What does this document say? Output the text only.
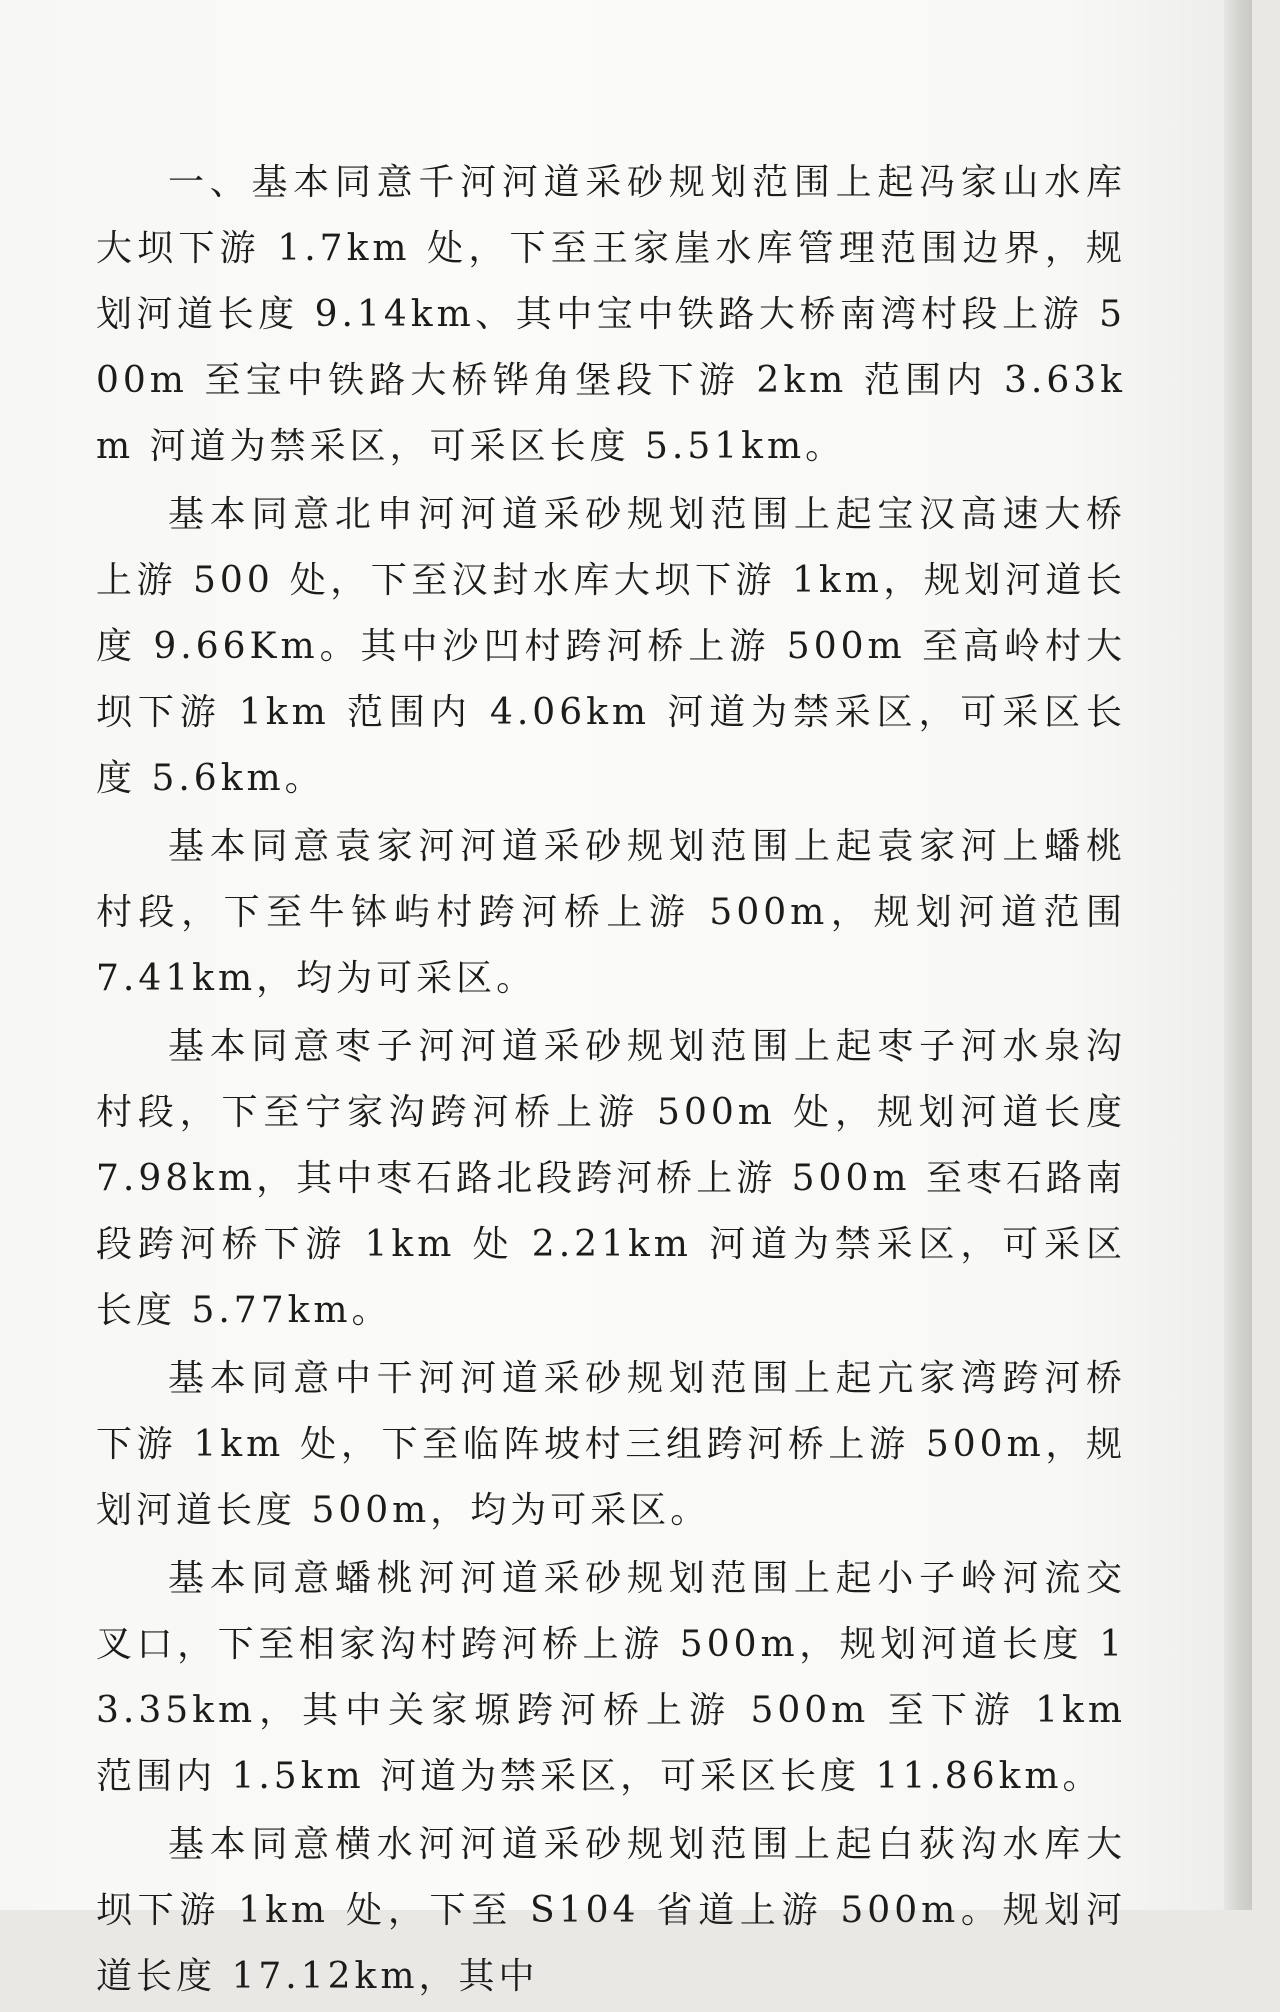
一、基本同意千河河道采砂规划范围上起冯家山水库大坝下游 1.7km 处，下至王家崖水库管理范围边界，规划河道长度 9.14km、其中宝中铁路大桥南湾村段上游 500m 至宝中铁路大桥铧角堡段下游 2km 范围内 3.63km 河道为禁采区，可采区长度 5.51km。

基本同意北申河河道采砂规划范围上起宝汉高速大桥上游 500 处，下至汉封水库大坝下游 1km，规划河道长度 9.66Km。其中沙凹村跨河桥上游 500m 至高岭村大坝下游 1km 范围内 4.06km 河道为禁采区，可采区长度 5.6km。

基本同意袁家河河道采砂规划范围上起袁家河上蟠桃村段，下至牛钵屿村跨河桥上游 500m，规划河道范围 7.41km，均为可采区。

基本同意枣子河河道采砂规划范围上起枣子河水泉沟村段，下至宁家沟跨河桥上游 500m 处，规划河道长度 7.98km，其中枣石路北段跨河桥上游 500m 至枣石路南段跨河桥下游 1km 处 2.21km 河道为禁采区，可采区长度 5.77km。

基本同意中干河河道采砂规划范围上起亢家湾跨河桥下游 1km 处，下至临阵坡村三组跨河桥上游 500m，规划河道长度 500m，均为可采区。

基本同意蟠桃河河道采砂规划范围上起小子岭河流交叉口，下至相家沟村跨河桥上游 500m，规划河道长度 13.35km，其中关家塬跨河桥上游 500m 至下游 1km 范围内 1.5km 河道为禁采区，可采区长度 11.86km。

基本同意横水河河道采砂规划范围上起白荻沟水库大坝下游 1km 处，下至 S104 省道上游 500m。规划河道长度 17.12km，其中
